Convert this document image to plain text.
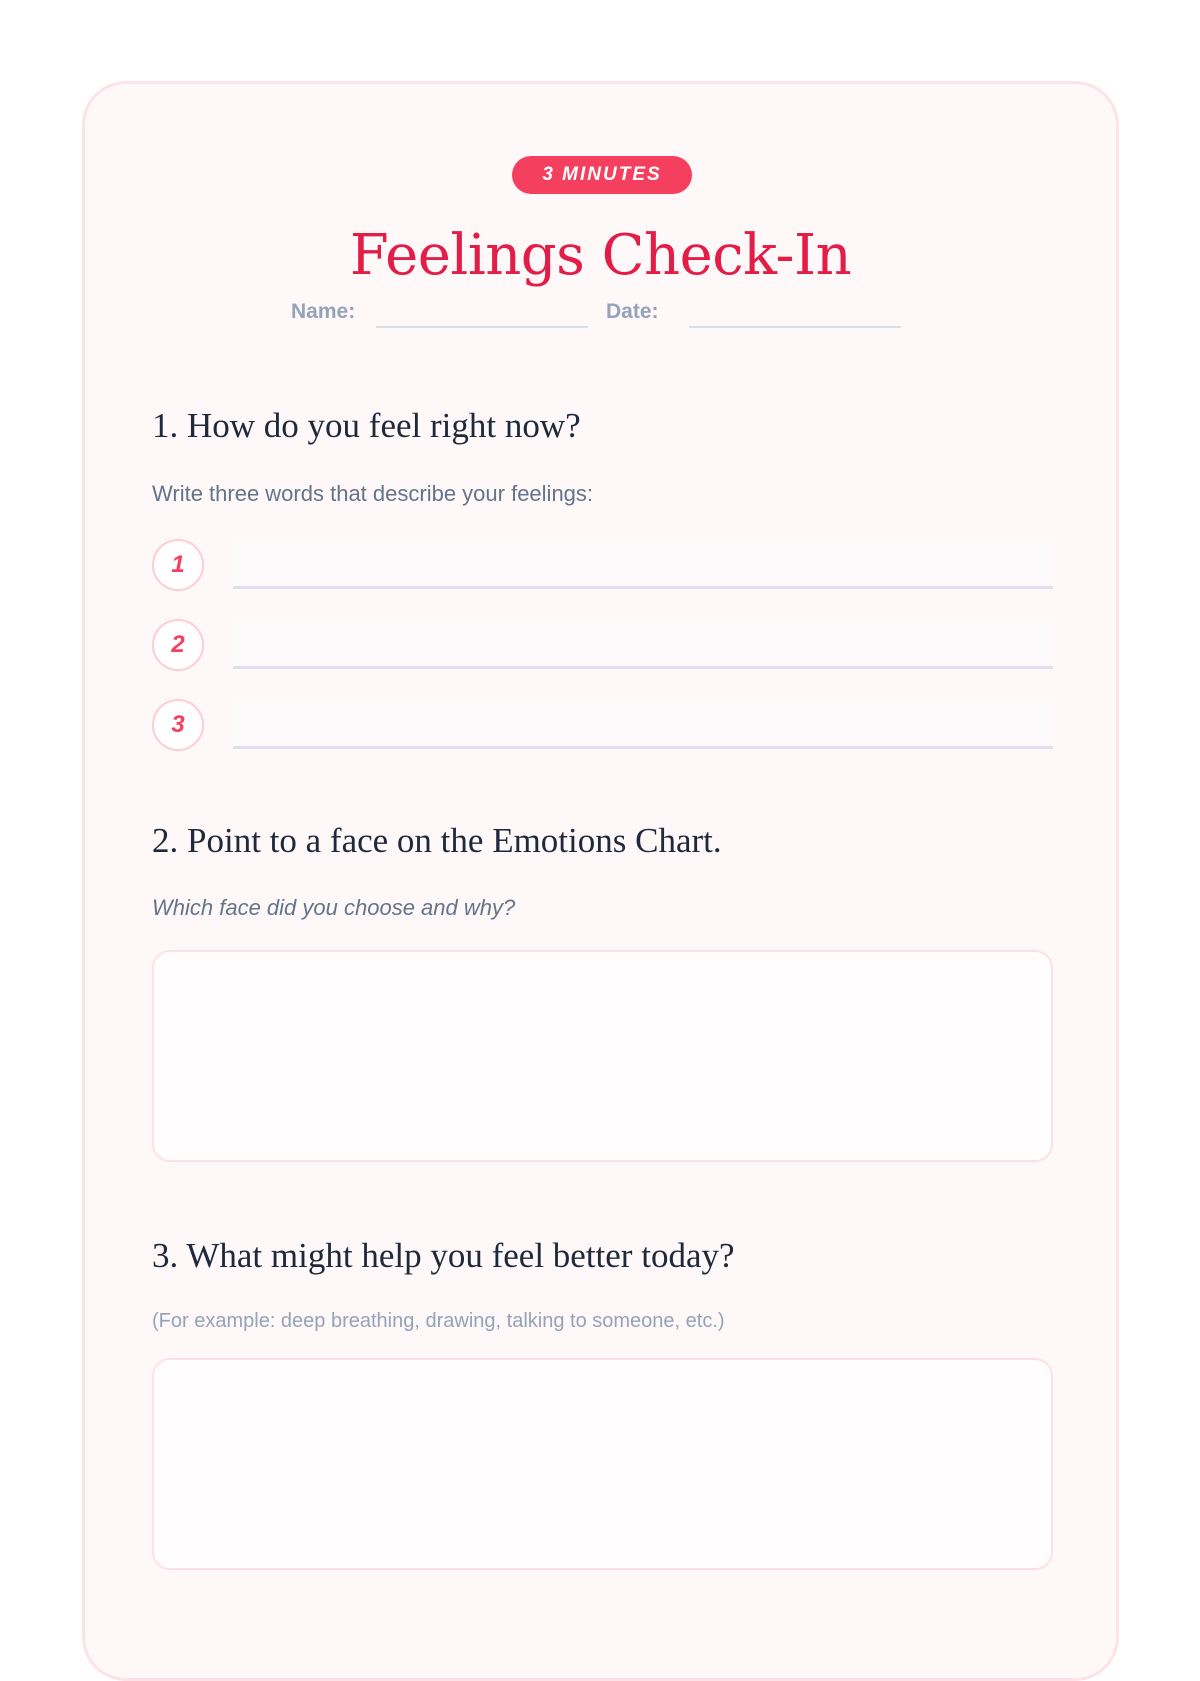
3 MINUTES
Feelings Check-In
Name:	Date:
1. How do you feel right now?
Write three words that describe your feelings:
1
2
3
2. Point to a face on the Emotions Chart.
Which face did you choose and why?
3. What might help you feel better today?
(For example: deep breathing, drawing, talking to someone, etc.)
